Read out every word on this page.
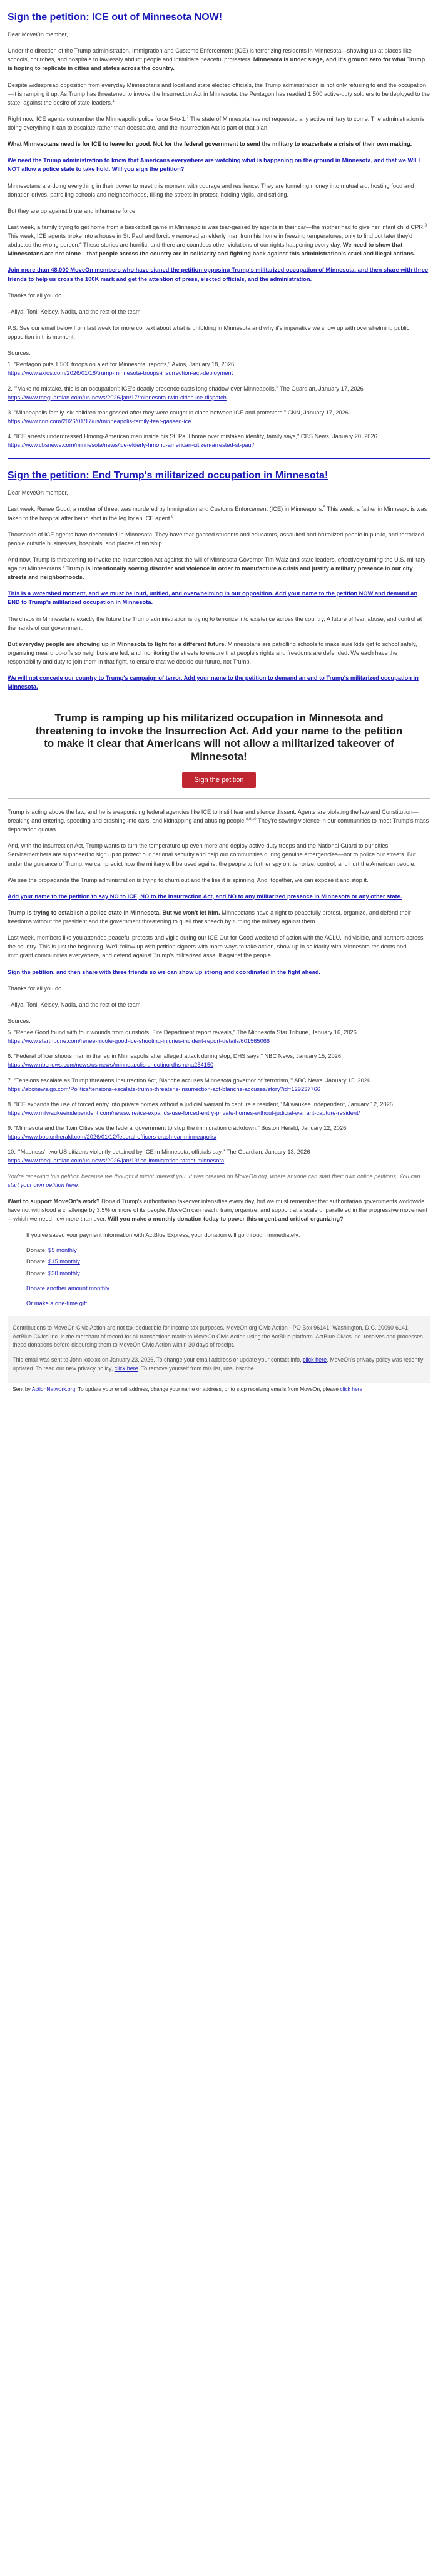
Sign the petition: ICE out of Minnesota NOW!

Dear MoveOn member,

Under the direction of the Trump administration, Immigration and Customs Enforcement (ICE) is terrorizing residents in Minnesota—showing up at places like schools, churches, and hospitals to lawlessly abduct people and intimidate peaceful protesters. Minnesota is under siege, and it's ground zero for what Trump is hoping to replicate in cities and states across the country.

Despite widespread opposition from everyday Minnesotans and local and state elected officials, the Trump administration is not only refusing to end the occupation—it is ramping it up. As Trump has threatened to invoke the Insurrection Act in Minnesota, the Pentagon has readied 1,500 active-duty soldiers to be deployed to the state, against the desire of state leaders.$^1$

Right now, ICE agents outnumber the Minneapolis police force 5-to-1.$^2$ The state of Minnesota has not requested any active military to come. The administration is doing everything it can to escalate rather than deescalate, and the Insurrection Act is part of that plan.

What Minnesotans need is for ICE to leave for good. Not for the federal government to send the military to exacerbate a crisis of their own making.

We need the Trump administration to know that Americans everywhere are watching what is happening on the ground in Minnesota, and that we WILL NOT allow a police state to take hold. Will you sign the petition?

Minnesotans are doing everything in their power to meet this moment with courage and resilience. They are funneling money into mutual aid, hosting food and donation drives, patrolling schools and neighborhoods, filling the streets in protest, holding vigils, and striking.

But they are up against brute and inhumane force.

Last week, a family trying to get home from a basketball game in Minneapolis was tear-gassed by agents in their car—the mother had to give her infant child CPR.$^3$ This week, ICE agents broke into a house in St. Paul and forcibly removed an elderly man from his home in freezing temperatures; only to find out later they'd abducted the wrong person.$^4$ These stories are horrific, and there are countless other violations of our rights happening every day. We need to show that Minnesotans are not alone—that people across the country are in solidarity and fighting back against this administration's cruel and illegal actions.

Join more than 48,000 MoveOn members who have signed the petition opposing Trump's militarized occupation of Minnesota, and then share with three friends to help us cross the 100K mark and get the attention of press, elected officials, and the administration.

Thanks for all you do.

–Aliya, Toni, Kelsey, Nadia, and the rest of the team

P.S. See our email below from last week for more context about what is unfolding in Minnesota and why it's imperative we show up with overwhelming public opposition in this moment.

Sources:

1. "Pentagon puts 1,500 troops on alert for Minnesota: reports," Axios, January 18, 2026
https://www.axios.com/2026/01/18/trump-minnesota-troops-insurrection-act-deployment
2. "'Make no mistake, this is an occupation': ICE's deadly presence casts long shadow over Minneapolis," The Guardian, January 17, 2026
https://www.theguardian.com/us-news/2026/jan/17/minnesota-twin-cities-ice-dispatch
3. "Minneapolis family, six children tear-gassed after they were caught in clash between ICE and protesters," CNN, January 17, 2026
https://www.cnn.com/2026/01/17/us/minneapolis-family-tear-gassed-ice
4. "ICE arrests underdressed Hmong-American man inside his St. Paul home over mistaken identity, family says," CBS News, January 20, 2026
https://www.cbsnews.com/minnesota/news/ice-elderly-hmong-american-citizen-arrested-st-paul/
Sign the petition: End Trump's militarized occupation in Minnesota!

Dear MoveOn member,

Last week, Renee Good, a mother of three, was murdered by Immigration and Customs Enforcement (ICE) in Minneapolis.$^5$ This week, a father in Minneapolis was taken to the hospital after being shot in the leg by an ICE agent.$^6$

Thousands of ICE agents have descended in Minnesota. They have tear-gassed students and educators, assaulted and brutalized people in public, and terrorized people outside businesses, hospitals, and places of worship.

And now, Trump is threatening to invoke the Insurrection Act against the will of Minnesota Governor Tim Walz and state leaders, effectively turning the U.S. military against Minnesotans.$^7$ Trump is intentionally sowing disorder and violence in order to manufacture a crisis and justify a military presence in our city streets and neighborhoods.

This is a watershed moment, and we must be loud, unified, and overwhelming in our opposition. Add your name to the petition NOW and demand an END to Trump's militarized occupation in Minnesota.

The chaos in Minnesota is exactly the future the Trump administration is trying to terrorize into existence across the country. A future of fear, abuse, and control at the hands of our government.

But everyday people are showing up in Minnesota to fight for a different future. Minnesotans are patrolling schools to make sure kids get to school safely, organizing meal drop-offs so neighbors are fed, and monitoring the streets to ensure that people's rights and freedoms are defended. We each have the responsibility and duty to join them in that fight, to ensure that we decide our future, not Trump.

We will not concede our country to Trump's campaign of terror. Add your name to the petition to demand an end to Trump's militarized occupation in Minnesota.

Trump is ramping up his militarized occupation in Minnesota and threatening to invoke the Insurrection Act. Add your name to the petition to make it clear that Americans will not allow a militarized takeover of Minnesota!
Sign the petition

Trump is acting above the law, and he is weaponizing federal agencies like ICE to instill fear and silence dissent. Agents are violating the law and Constitution—breaking and entering, speeding and crashing into cars, and kidnapping and abusing people.$^{8,9,10}$ They're sowing violence in our communities to meet Trump's mass deportation quotas.

And, with the Insurrection Act, Trump wants to turn the temperature up even more and deploy active-duty troops and the National Guard to our cities. Servicemembers are supposed to sign up to protect our national security and help our communities during genuine emergencies—not to police our streets. But under the guidance of Trump, we can predict how the military will be used against the people to further spy on, terrorize, control, and hurt the American people.

We see the propaganda the Trump administration is trying to churn out and the lies it is spinning. And, together, we can expose it and stop it.

Add your name to the petition to say NO to ICE, NO to the Insurrection Act, and NO to any militarized presence in Minnesota or any other state.

Trump is trying to establish a police state in Minnesota. But we won't let him. Minnesotans have a right to peacefully protest, organize, and defend their freedoms without the president and the government threatening to quell that speech by turning the military against them.

Last week, members like you attended peaceful protests and vigils during our ICE Out for Good weekend of action with the ACLU, Indivisible, and partners across the country. This is just the beginning. We'll follow up with petition signers with more ways to take action, show up in solidarity with Minnesota residents and immigrant communities everywhere, and defend against Trump's militarized assault against the people.

Sign the petition, and then share with three friends so we can show up strong and coordinated in the fight ahead.

Thanks for all you do.

–Aliya, Toni, Kelsey, Nadia, and the rest of the team

Sources:

5. "Renee Good found with four wounds from gunshots, Fire Department report reveals," The Minnesota Star Tribune, January 16, 2026
https://www.startribune.com/renee-nicole-good-ice-shooting-injuries-incident-report-details/601565066
6. "Federal officer shoots man in the leg in Minneapolis after alleged attack during stop, DHS says," NBC News, January 15, 2026
https://www.nbcnews.com/news/us-news/minneapolis-shooting-dhs-rcna254150
7. "Tensions escalate as Trump threatens Insurrection Act, Blanche accuses Minnesota governor of 'terrorism,'" ABC News, January 15, 2026
https://abcnews.go.com/Politics/tensions-escalate-trump-threatens-insurrection-act-blanche-accuses/story?id=129237766
8. "ICE expands the use of forced entry into private homes without a judicial warrant to capture a resident," Milwaukee Independent, January 12, 2026
https://www.milwaukeeindependent.com/newswire/ice-expands-use-forced-entry-private-homes-without-judicial-warrant-capture-resident/
9. "Minnesota and the Twin Cities sue the federal government to stop the immigration crackdown," Boston Herald, January 12, 2026
https://www.bostonherald.com/2026/01/12/federal-officers-crash-car-minneapolis/
10. "'Madness': two US citizens violently detained by ICE in Minnesota, officials say," The Guardian, January 13, 2026
https://www.theguardian.com/us-news/2026/jan/13/ice-immigration-target-minnesota

You're receiving this petition because we thought it might interest you. It was created on MoveOn.org, where anyone can start their own online petitions. You can start your own petition here.

Want to support MoveOn's work? Donald Trump's authoritarian takeover intensifies every day, but we must remember that authoritarian governments worldwide have not withstood a challenge by 3.5% or more of its people. MoveOn can reach, train, organize, and support at a scale unparalleled in the progressive movement—which we need now more than ever. Will you make a monthly donation today to power this urgent and critical organizing?

If you've saved your payment information with ActBlue Express, your donation will go through immediately:

Donate: $5 monthly

Donate: $15 monthly

Donate: $30 monthly

Donate another amount monthly

Or make a one-time gift

Contributions to MoveOn Civic Action are not tax-deductible for income tax purposes. MoveOn.org Civic Action - PO Box 96141, Washington, D.C. 20090-6141. ActBlue Civics Inc. is the merchant of record for all transactions made to MoveOn Civic Action using the ActBlue platform. ActBlue Civics Inc. receives and processes these donations before disbursing them to MoveOn Civic Action within 30 days of receipt.

This email was sent to John xxxxxx on January 23, 2026. To change your email address or update your contact info, click here. MoveOn's privacy policy was recently updated. To read our new privacy policy, click here. To remove yourself from this list, unsubscribe.

Sent by ActionNetwork.org. To update your email address, change your name or address, or to stop receiving emails from MoveOn, please click here
